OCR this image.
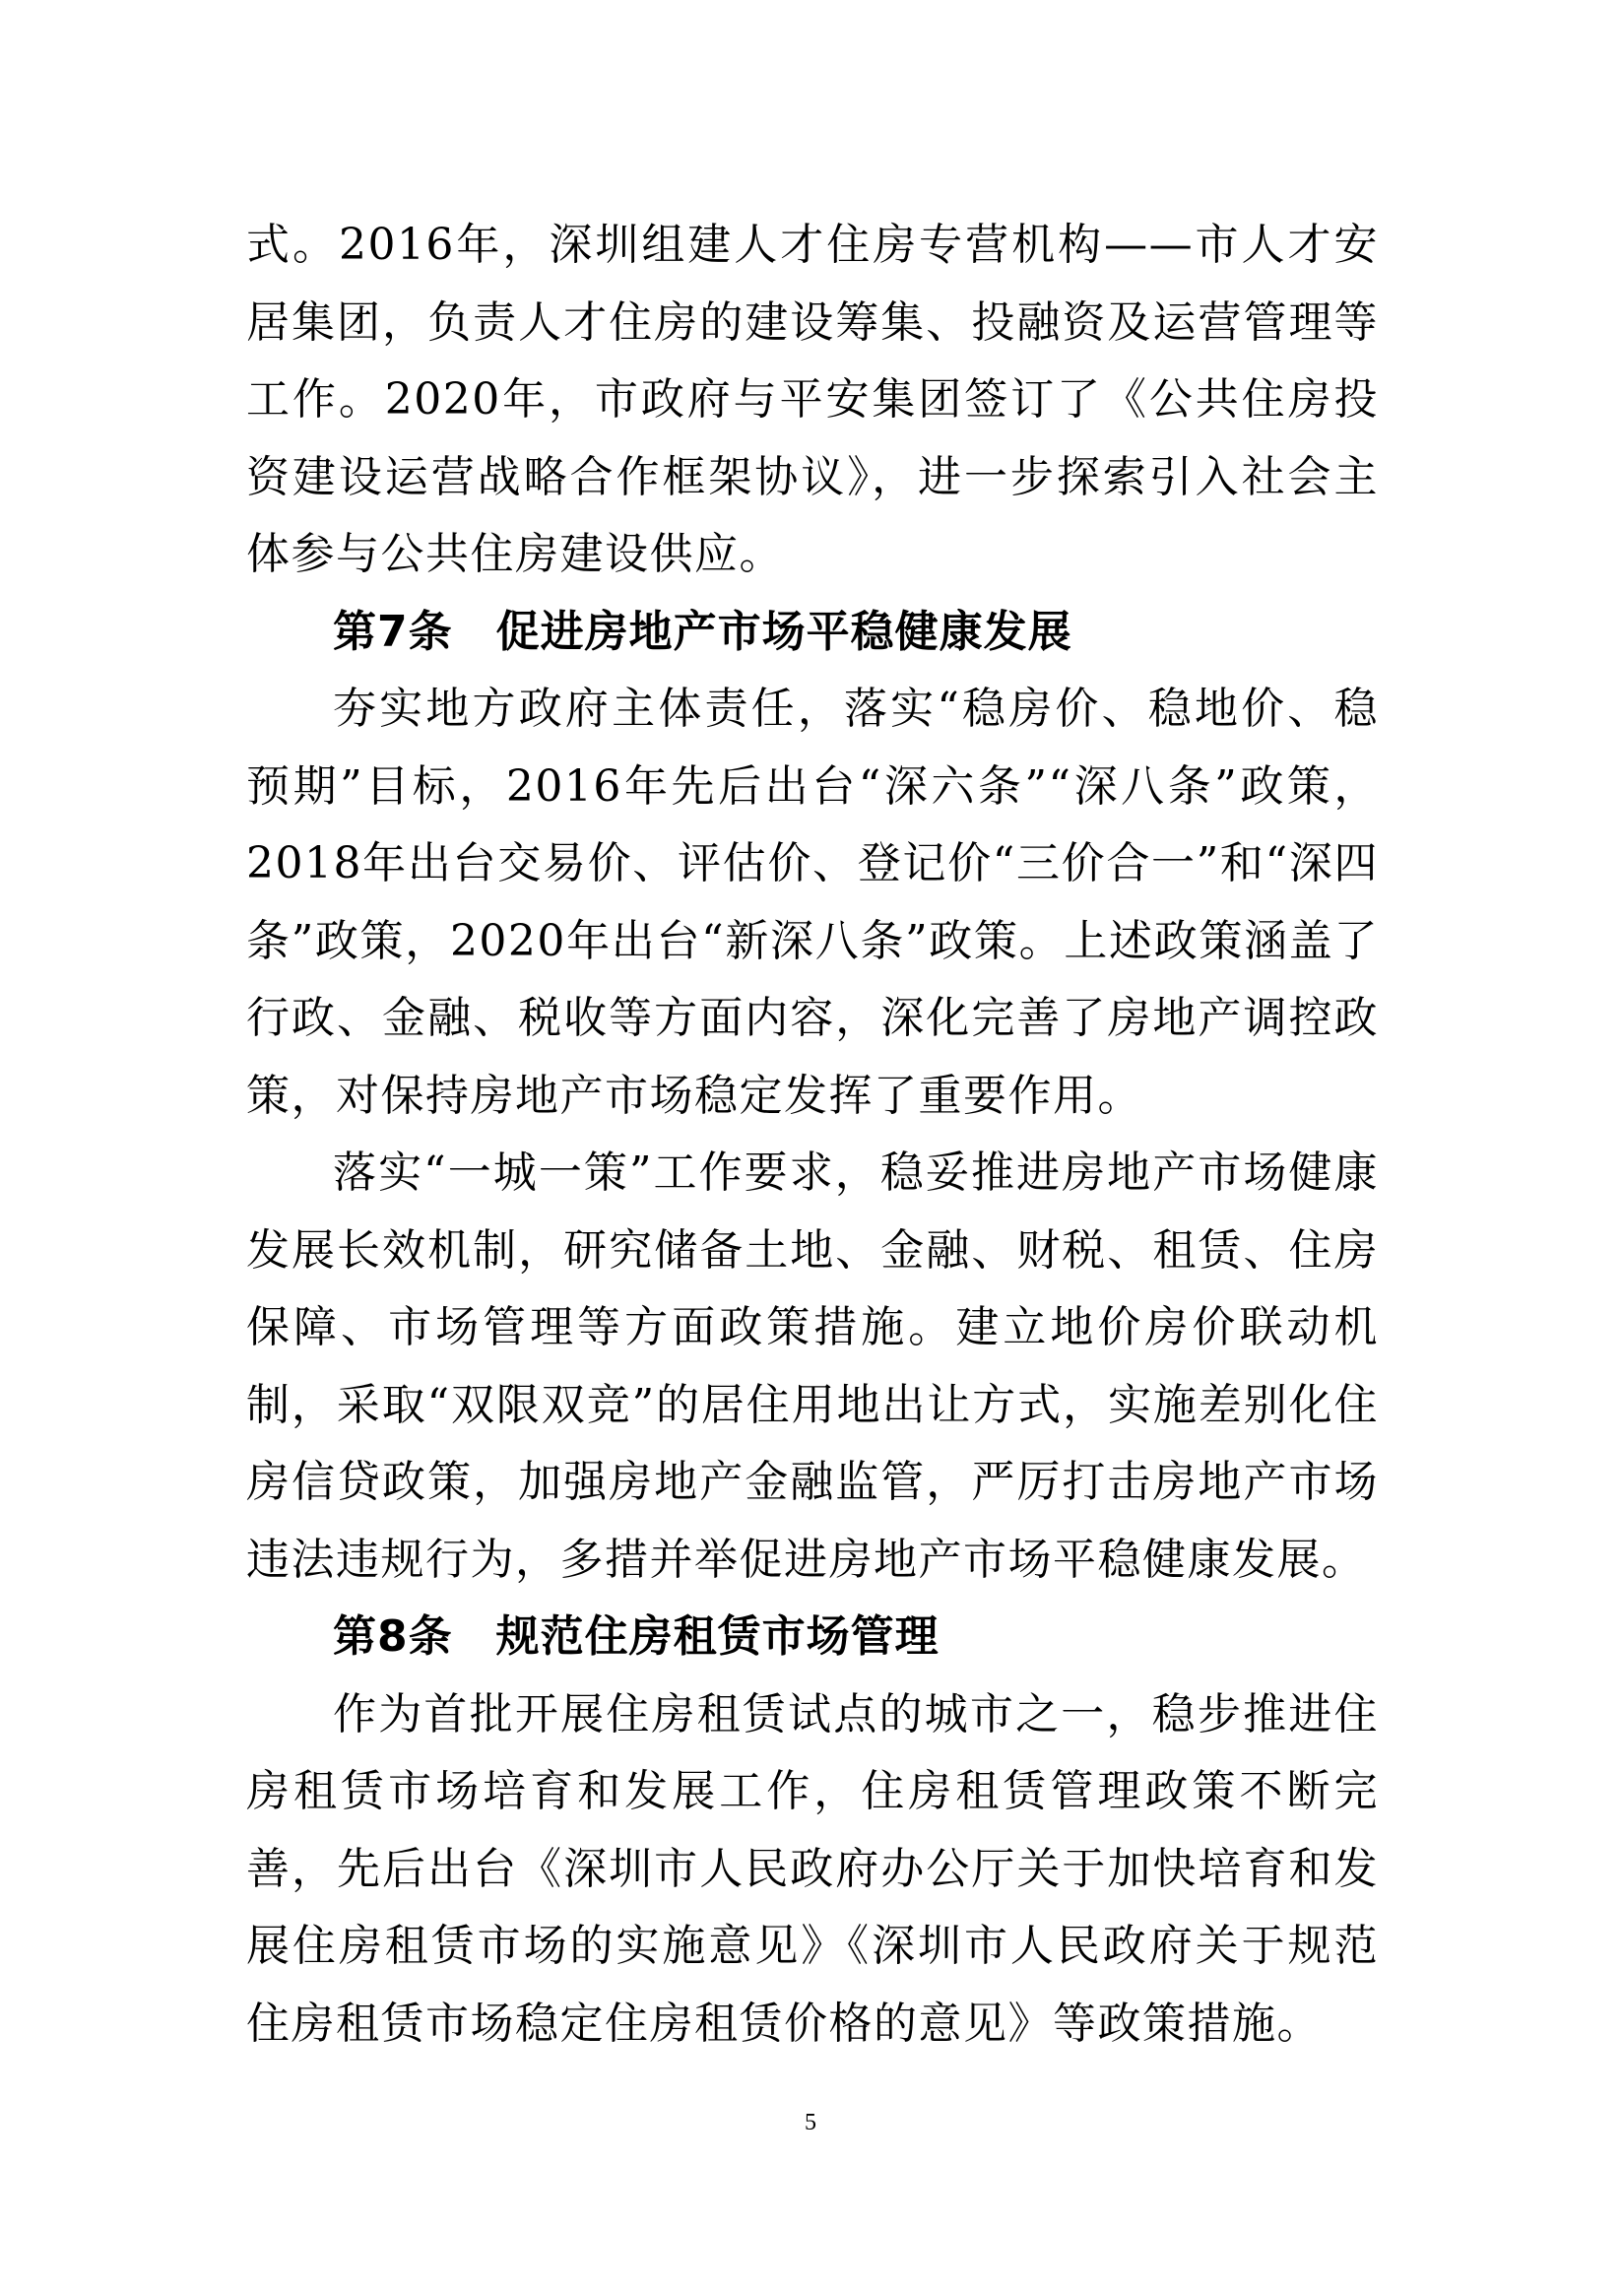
式。2016年，深圳组建人才住房专营机构——市人才安居集团，负责人才住房的建设筹集、投融资及运营管理等工作。2020年，市政府与平安集团签订了《公共住房投资建设运营战略合作框架协议》，进一步探索引入社会主体参与公共住房建设供应。

第7条 促进房地产市场平稳健康发展

夯实地方政府主体责任，落实“稳房价、稳地价、稳预期”目标，2016年先后出台“深六条”“深八条”政策，2018年出台交易价、评估价、登记价“三价合一”和“深四条”政策，2020年出台“新深八条”政策。上述政策涵盖了行政、金融、税收等方面内容，深化完善了房地产调控政策，对保持房地产市场稳定发挥了重要作用。

落实“一城一策”工作要求，稳妥推进房地产市场健康发展长效机制，研究储备土地、金融、财税、租赁、住房保障、市场管理等方面政策措施。建立地价房价联动机制，采取“双限双竞”的居住用地出让方式，实施差别化住房信贷政策，加强房地产金融监管，严厉打击房地产市场违法违规行为，多措并举促进房地产市场平稳健康发展。

第8条 规范住房租赁市场管理

作为首批开展住房租赁试点的城市之一，稳步推进住房租赁市场培育和发展工作，住房租赁管理政策不断完善，先后出台《深圳市人民政府办公厅关于加快培育和发展住房租赁市场的实施意见》《深圳市人民政府关于规范住房租赁市场稳定住房租赁价格的意见》等政策措施。

5
